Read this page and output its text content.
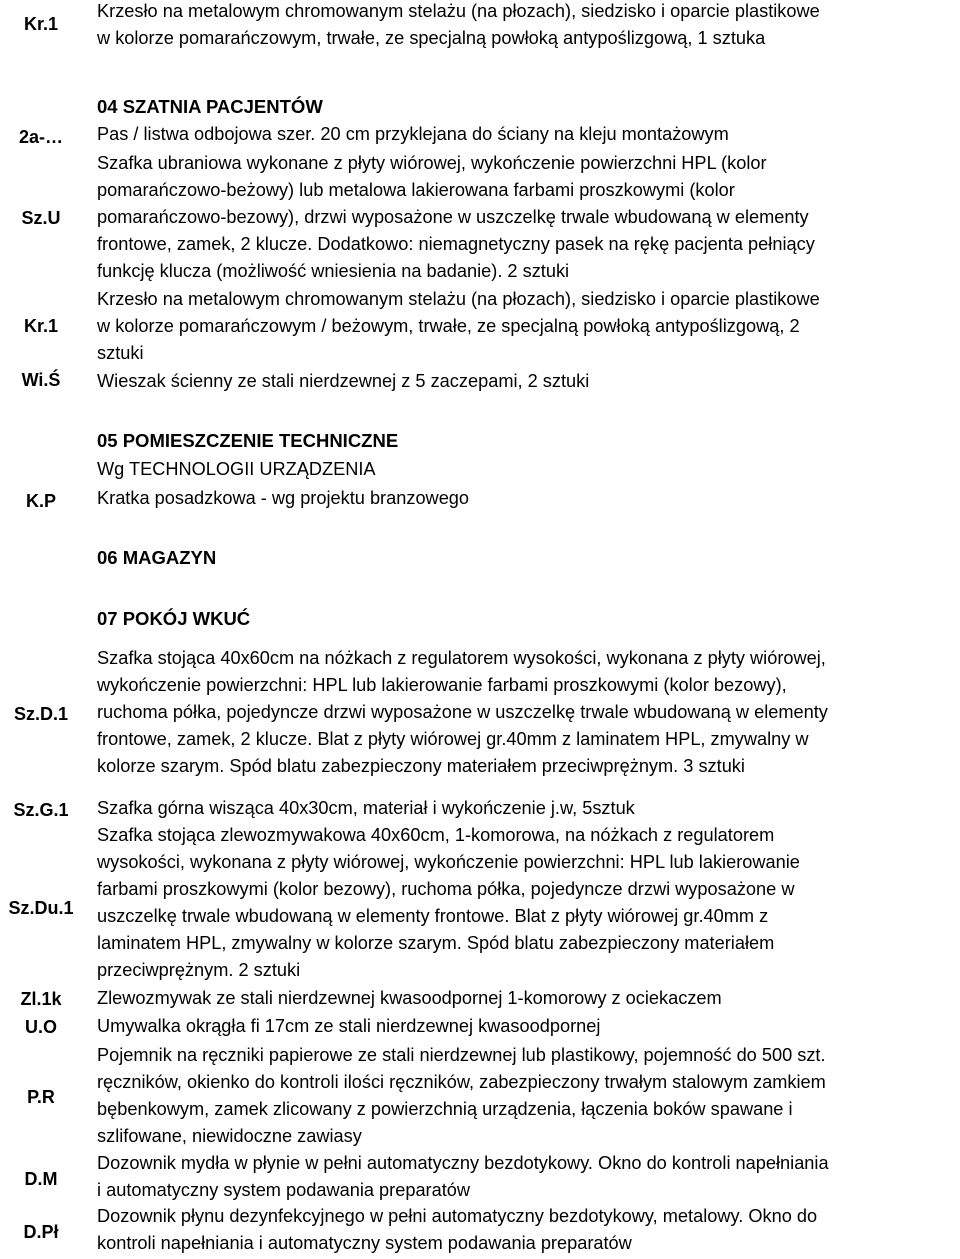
Kr.1
2a-…
Sz.U
Kr.1
Wi.Ś
K.P
Sz.D.1
Sz.G.1
Sz.Du.1
Zl.1k
U.O
P.R
D.M
D.Pł
Krzesło na metalowym chromowanym stelażu (na płozach), siedzisko i oparcie plastikowe
w kolorze pomarańczowym, trwałe, ze specjalną powłoką antypoślizgową, 1 sztuka
04 SZATNIA PACJENTÓW
Pas / listwa odbojowa szer. 20 cm przyklejana do ściany na kleju montażowym
Szafka ubraniowa wykonane z płyty wiórowej, wykończenie powierzchni HPL (kolor
pomarańczowo-beżowy) lub metalowa lakierowana farbami proszkowymi (kolor
pomarańczowo-bezowy), drzwi wyposażone w uszczelkę trwale wbudowaną w elementy
frontowe, zamek, 2 klucze. Dodatkowo: niemagnetyczny pasek na rękę pacjenta pełniący
funkcję klucza (możliwość wniesienia na badanie). 2 sztuki
Krzesło na metalowym chromowanym stelażu (na płozach), siedzisko i oparcie plastikowe
w kolorze pomarańczowym / beżowym, trwałe, ze specjalną powłoką antypoślizgową, 2
sztuki
Wieszak ścienny ze stali nierdzewnej z 5 zaczepami, 2 sztuki
05 POMIESZCZENIE TECHNICZNE
Wg TECHNOLOGII URZĄDZENIA
Kratka posadzkowa - wg projektu branzowego
06 MAGAZYN
07 POKÓJ WKUĆ
Szafka stojąca 40x60cm na nóżkach z regulatorem wysokości, wykonana z płyty wiórowej,
wykończenie powierzchni: HPL lub lakierowanie farbami proszkowymi (kolor bezowy),
ruchoma półka, pojedyncze drzwi wyposażone w uszczelkę trwale wbudowaną w elementy
frontowe, zamek, 2 klucze. Blat z płyty wiórowej gr.40mm z laminatem HPL, zmywalny w
kolorze szarym. Spód blatu zabezpieczony materiałem przeciwprężnym. 3 sztuki
Szafka górna wisząca 40x30cm, materiał i wykończenie j.w, 5sztuk
Szafka stojąca zlewozmywakowa 40x60cm, 1-komorowa, na nóżkach z regulatorem
wysokości, wykonana z płyty wiórowej, wykończenie powierzchni: HPL lub lakierowanie
farbami proszkowymi (kolor bezowy), ruchoma półka, pojedyncze drzwi wyposażone w
uszczelkę trwale wbudowaną w elementy frontowe. Blat z płyty wiórowej gr.40mm z
laminatem HPL, zmywalny w kolorze szarym. Spód blatu zabezpieczony materiałem
przeciwprężnym. 2 sztuki
Zlewozmywak ze stali nierdzewnej kwasoodpornej 1-komorowy z ociekaczem
Umywalka okrągła fi 17cm ze stali nierdzewnej kwasoodpornej
Pojemnik na ręczniki papierowe ze stali nierdzewnej lub plastikowy, pojemność do 500 szt.
ręczników, okienko do kontroli ilości ręczników, zabezpieczony trwałym stalowym zamkiem
bębenkowym, zamek zlicowany z powierzchnią urządzenia, łączenia boków spawane i
szlifowane, niewidoczne zawiasy
Dozownik mydła w płynie w pełni automatyczny bezdotykowy. Okno do kontroli napełniania
i automatyczny system podawania preparatów
Dozownik płynu dezynfekcyjnego w pełni automatyczny bezdotykowy, metalowy. Okno do
kontroli napełniania i automatyczny system podawania preparatów
